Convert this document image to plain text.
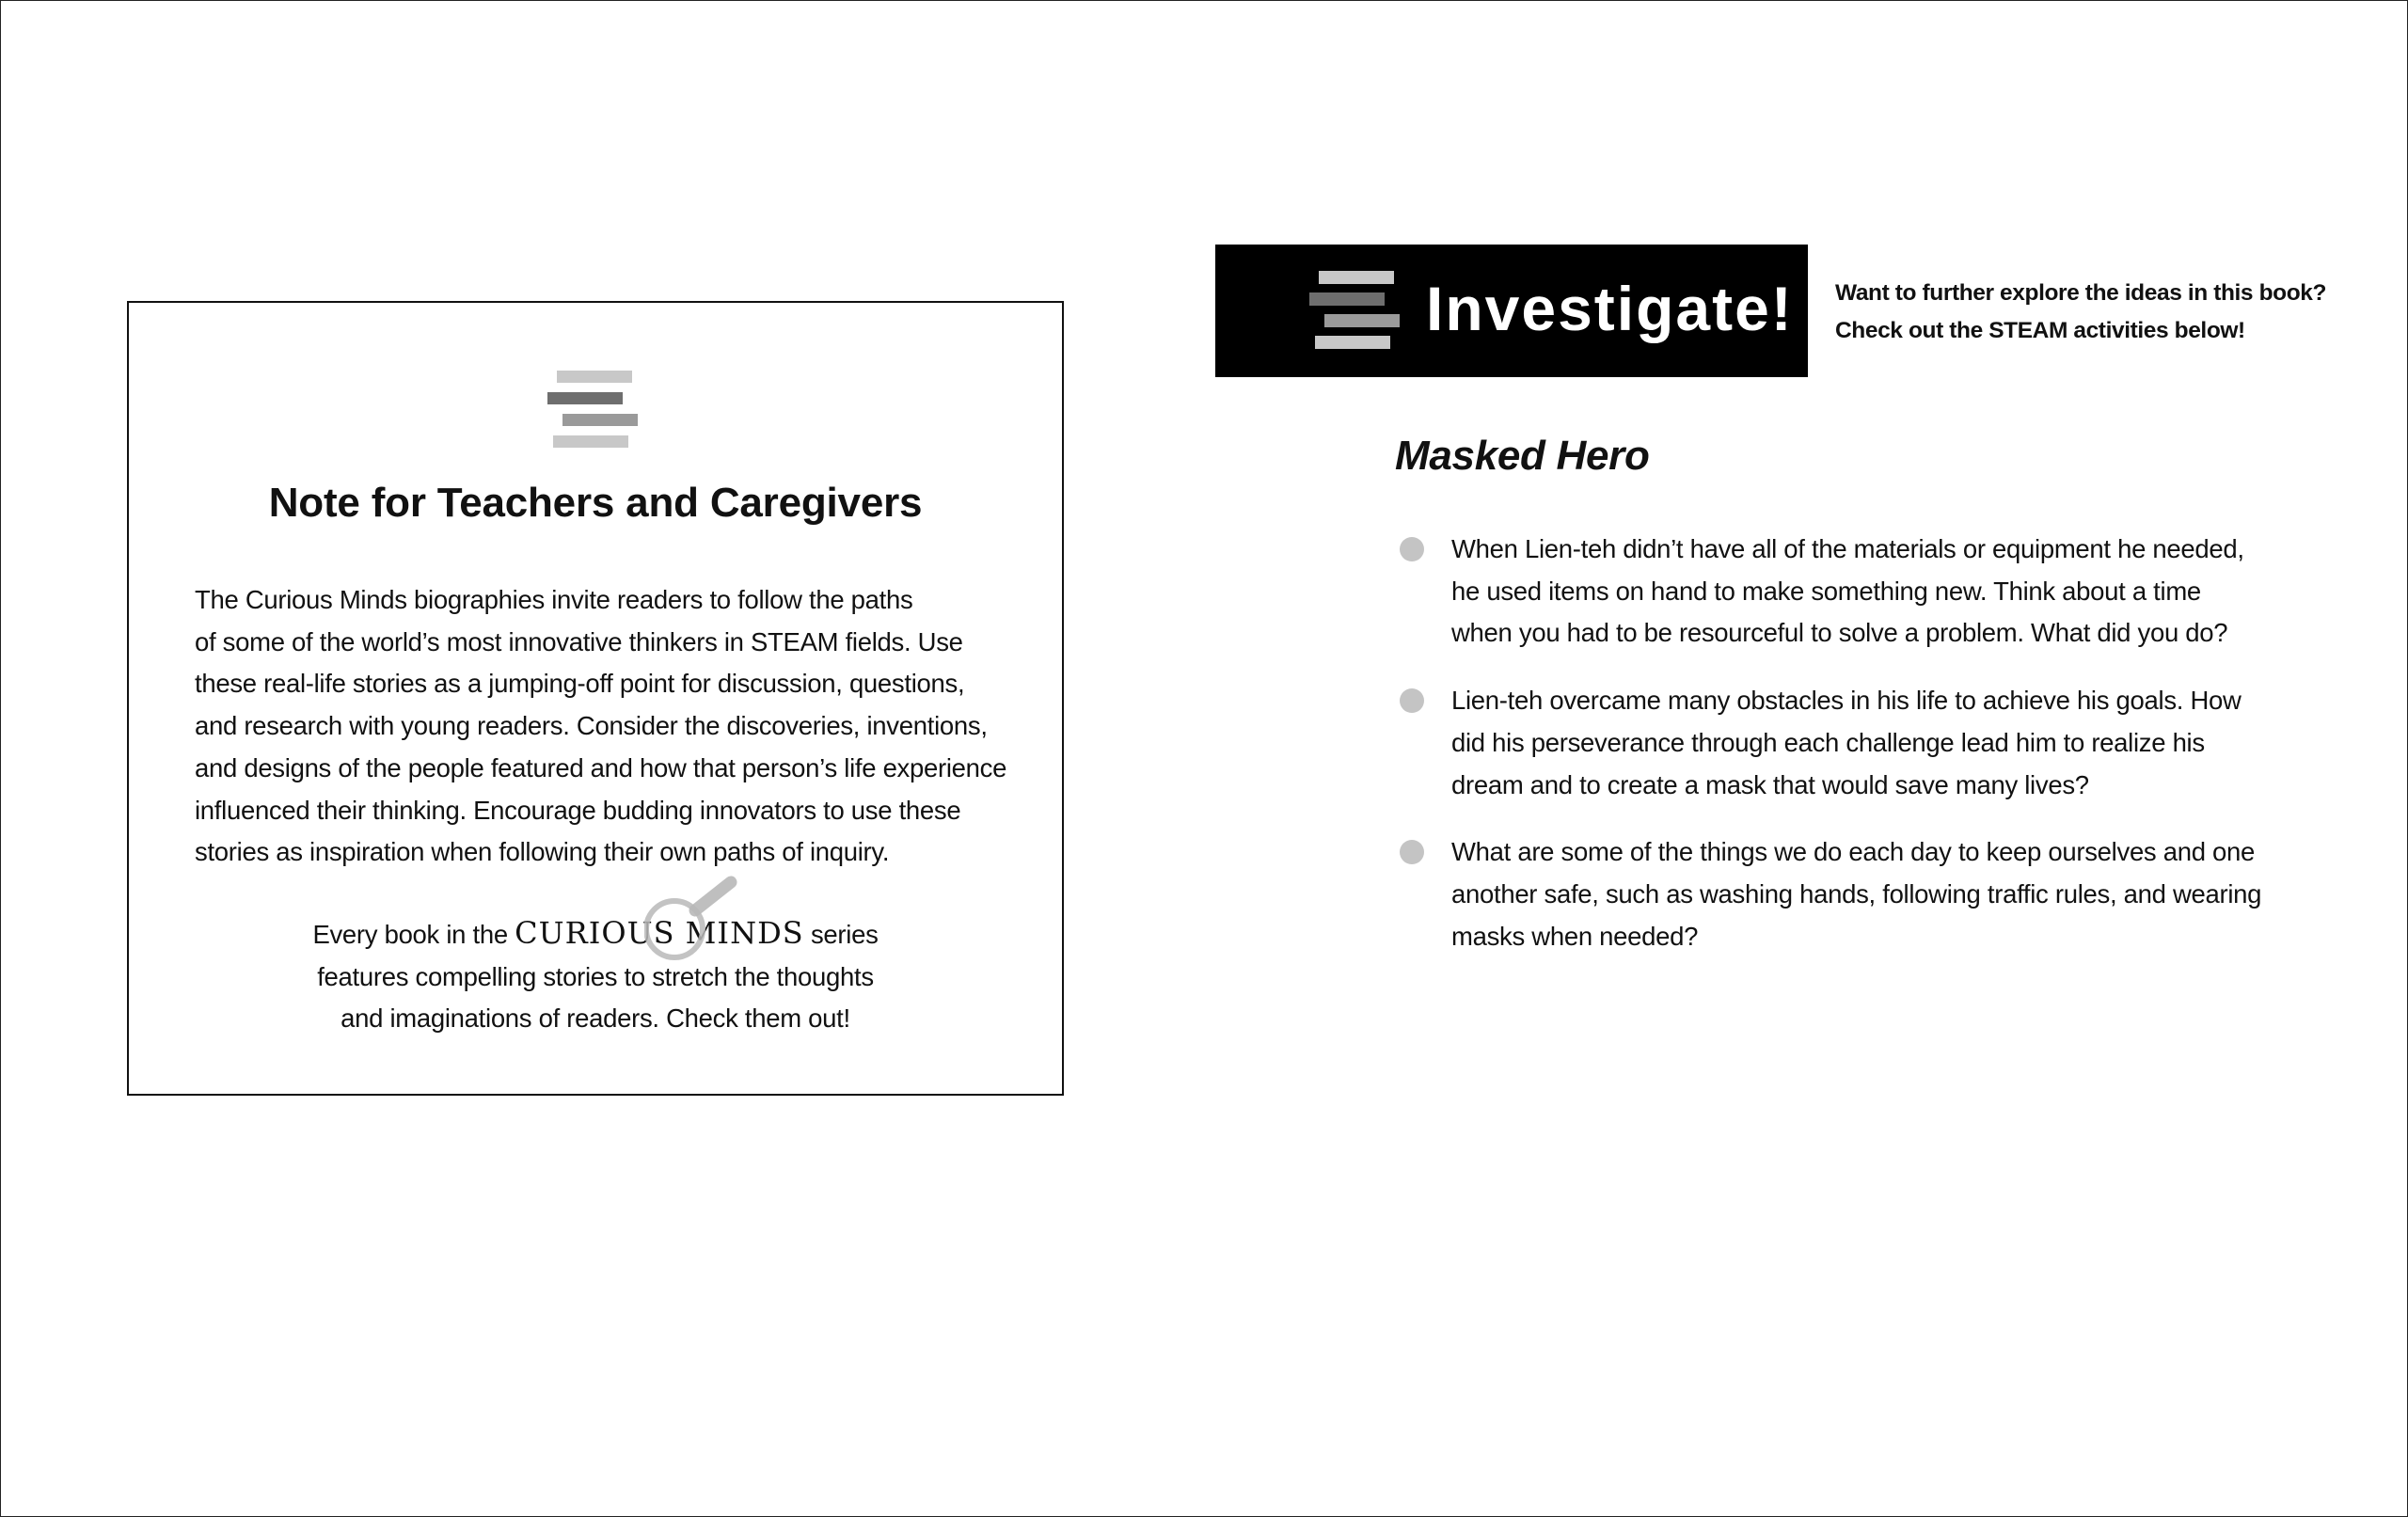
Note for Teachers and Caregivers

The Curious Minds biographies invite readers to follow the paths
of some of the world’s most innovative thinkers in STEAM fields. Use
these real-life stories as a jumping-off point for discussion, questions,
and research with young readers. Consider the discoveries, inventions,
and designs of the people featured and how that person’s life experience
influenced their thinking. Encourage budding innovators to use these
stories as inspiration when following their own paths of inquiry.

Every book in the CURIOUS MINDS series
features compelling stories to stretch the thoughts
and imaginations of readers. Check them out!
Investigate! Want to further explore the ideas in this book?
Check out the STEAM activities below!
Masked Hero
When Lien-teh didn’t have all of the materials or equipment he needed, he used items on hand to make something new. Think about a time when you had to be resourceful to solve a problem. What did you do?
Lien-teh overcame many obstacles in his life to achieve his goals. How did his perseverance through each challenge lead him to realize his dream and to create a mask that would save many lives?
What are some of the things we do each day to keep ourselves and one another safe, such as washing hands, following traffic rules, and wearing masks when needed?
